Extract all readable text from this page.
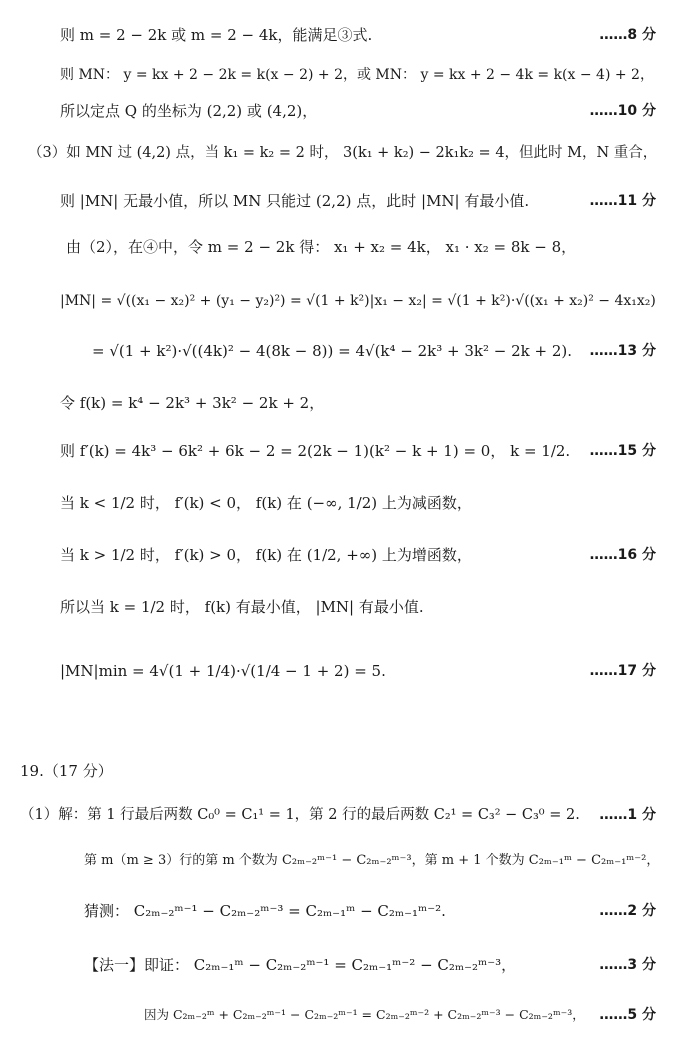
则 m = 2 − 2k 或 m = 2 − 4k，能满足③式.	……8 分
则 MN： y = kx + 2 − 2k = k(x − 2) + 2，或 MN： y = kx + 2 − 4k = k(x − 4) + 2，
所以定点 Q 的坐标为 (2,2) 或 (4,2)，	……10 分
（3）如 MN 过 (4,2) 点，当 k₁ = k₂ = 2 时， 3(k₁ + k₂) − 2k₁k₂ = 4，但此时 M，N 重合，
则 |MN| 无最小值，所以 MN 只能过 (2,2) 点，此时 |MN| 有最小值.	……11 分
由（2），在④中，令 m = 2 − 2k 得： x₁ + x₂ = 4k， x₁ · x₂ = 8k − 8，
|MN| = √((x₁ − x₂)² + (y₁ − y₂)²) = √(1 + k²)|x₁ − x₂| = √(1 + k²)·√((x₁ + x₂)² − 4x₁x₂)
= √(1 + k²)·√((4k)² − 4(8k − 8)) = 4√(k⁴ − 2k³ + 3k² − 2k + 2). ……13 分
令 f(k) = k⁴ − 2k³ + 3k² − 2k + 2，
则 f′(k) = 4k³ − 6k² + 6k − 2 = 2(2k − 1)(k² − k + 1) = 0， k = 1/2. ……15 分
当 k < 1/2 时， f′(k) < 0， f(k) 在 (−∞, 1/2) 上为减函数，
当 k > 1/2 时， f′(k) > 0， f(k) 在 (1/2, +∞) 上为增函数，	……16 分
所以当 k = 1/2 时， f(k) 有最小值， |MN| 有最小值.
|MN|min = 4√(1 + 1/4)·√(1/4 − 1 + 2) = 5.	……17 分
19.（17 分）
（1）解：第 1 行最后两数 C₀⁰ = C₁¹ = 1，第 2 行的最后两数 C₂¹ = C₃² − C₃⁰ = 2. ……1 分
第 m（m ≥ 3）行的第 m 个数为 C₂ₘ₋₂ᵐ⁻¹ − C₂ₘ₋₂ᵐ⁻³，第 m + 1 个数为 C₂ₘ₋₁ᵐ − C₂ₘ₋₁ᵐ⁻²，
猜测： C₂ₘ₋₂ᵐ⁻¹ − C₂ₘ₋₂ᵐ⁻³ = C₂ₘ₋₁ᵐ − C₂ₘ₋₁ᵐ⁻².	……2 分
【法一】即证： C₂ₘ₋₁ᵐ − C₂ₘ₋₂ᵐ⁻¹ = C₂ₘ₋₁ᵐ⁻² − C₂ₘ₋₂ᵐ⁻³，	……3 分
因为 C₂ₘ₋₂ᵐ + C₂ₘ₋₂ᵐ⁻¹ − C₂ₘ₋₂ᵐ⁻¹ = C₂ₘ₋₂ᵐ⁻² + C₂ₘ₋₂ᵐ⁻³ − C₂ₘ₋₂ᵐ⁻³， ……5 分
